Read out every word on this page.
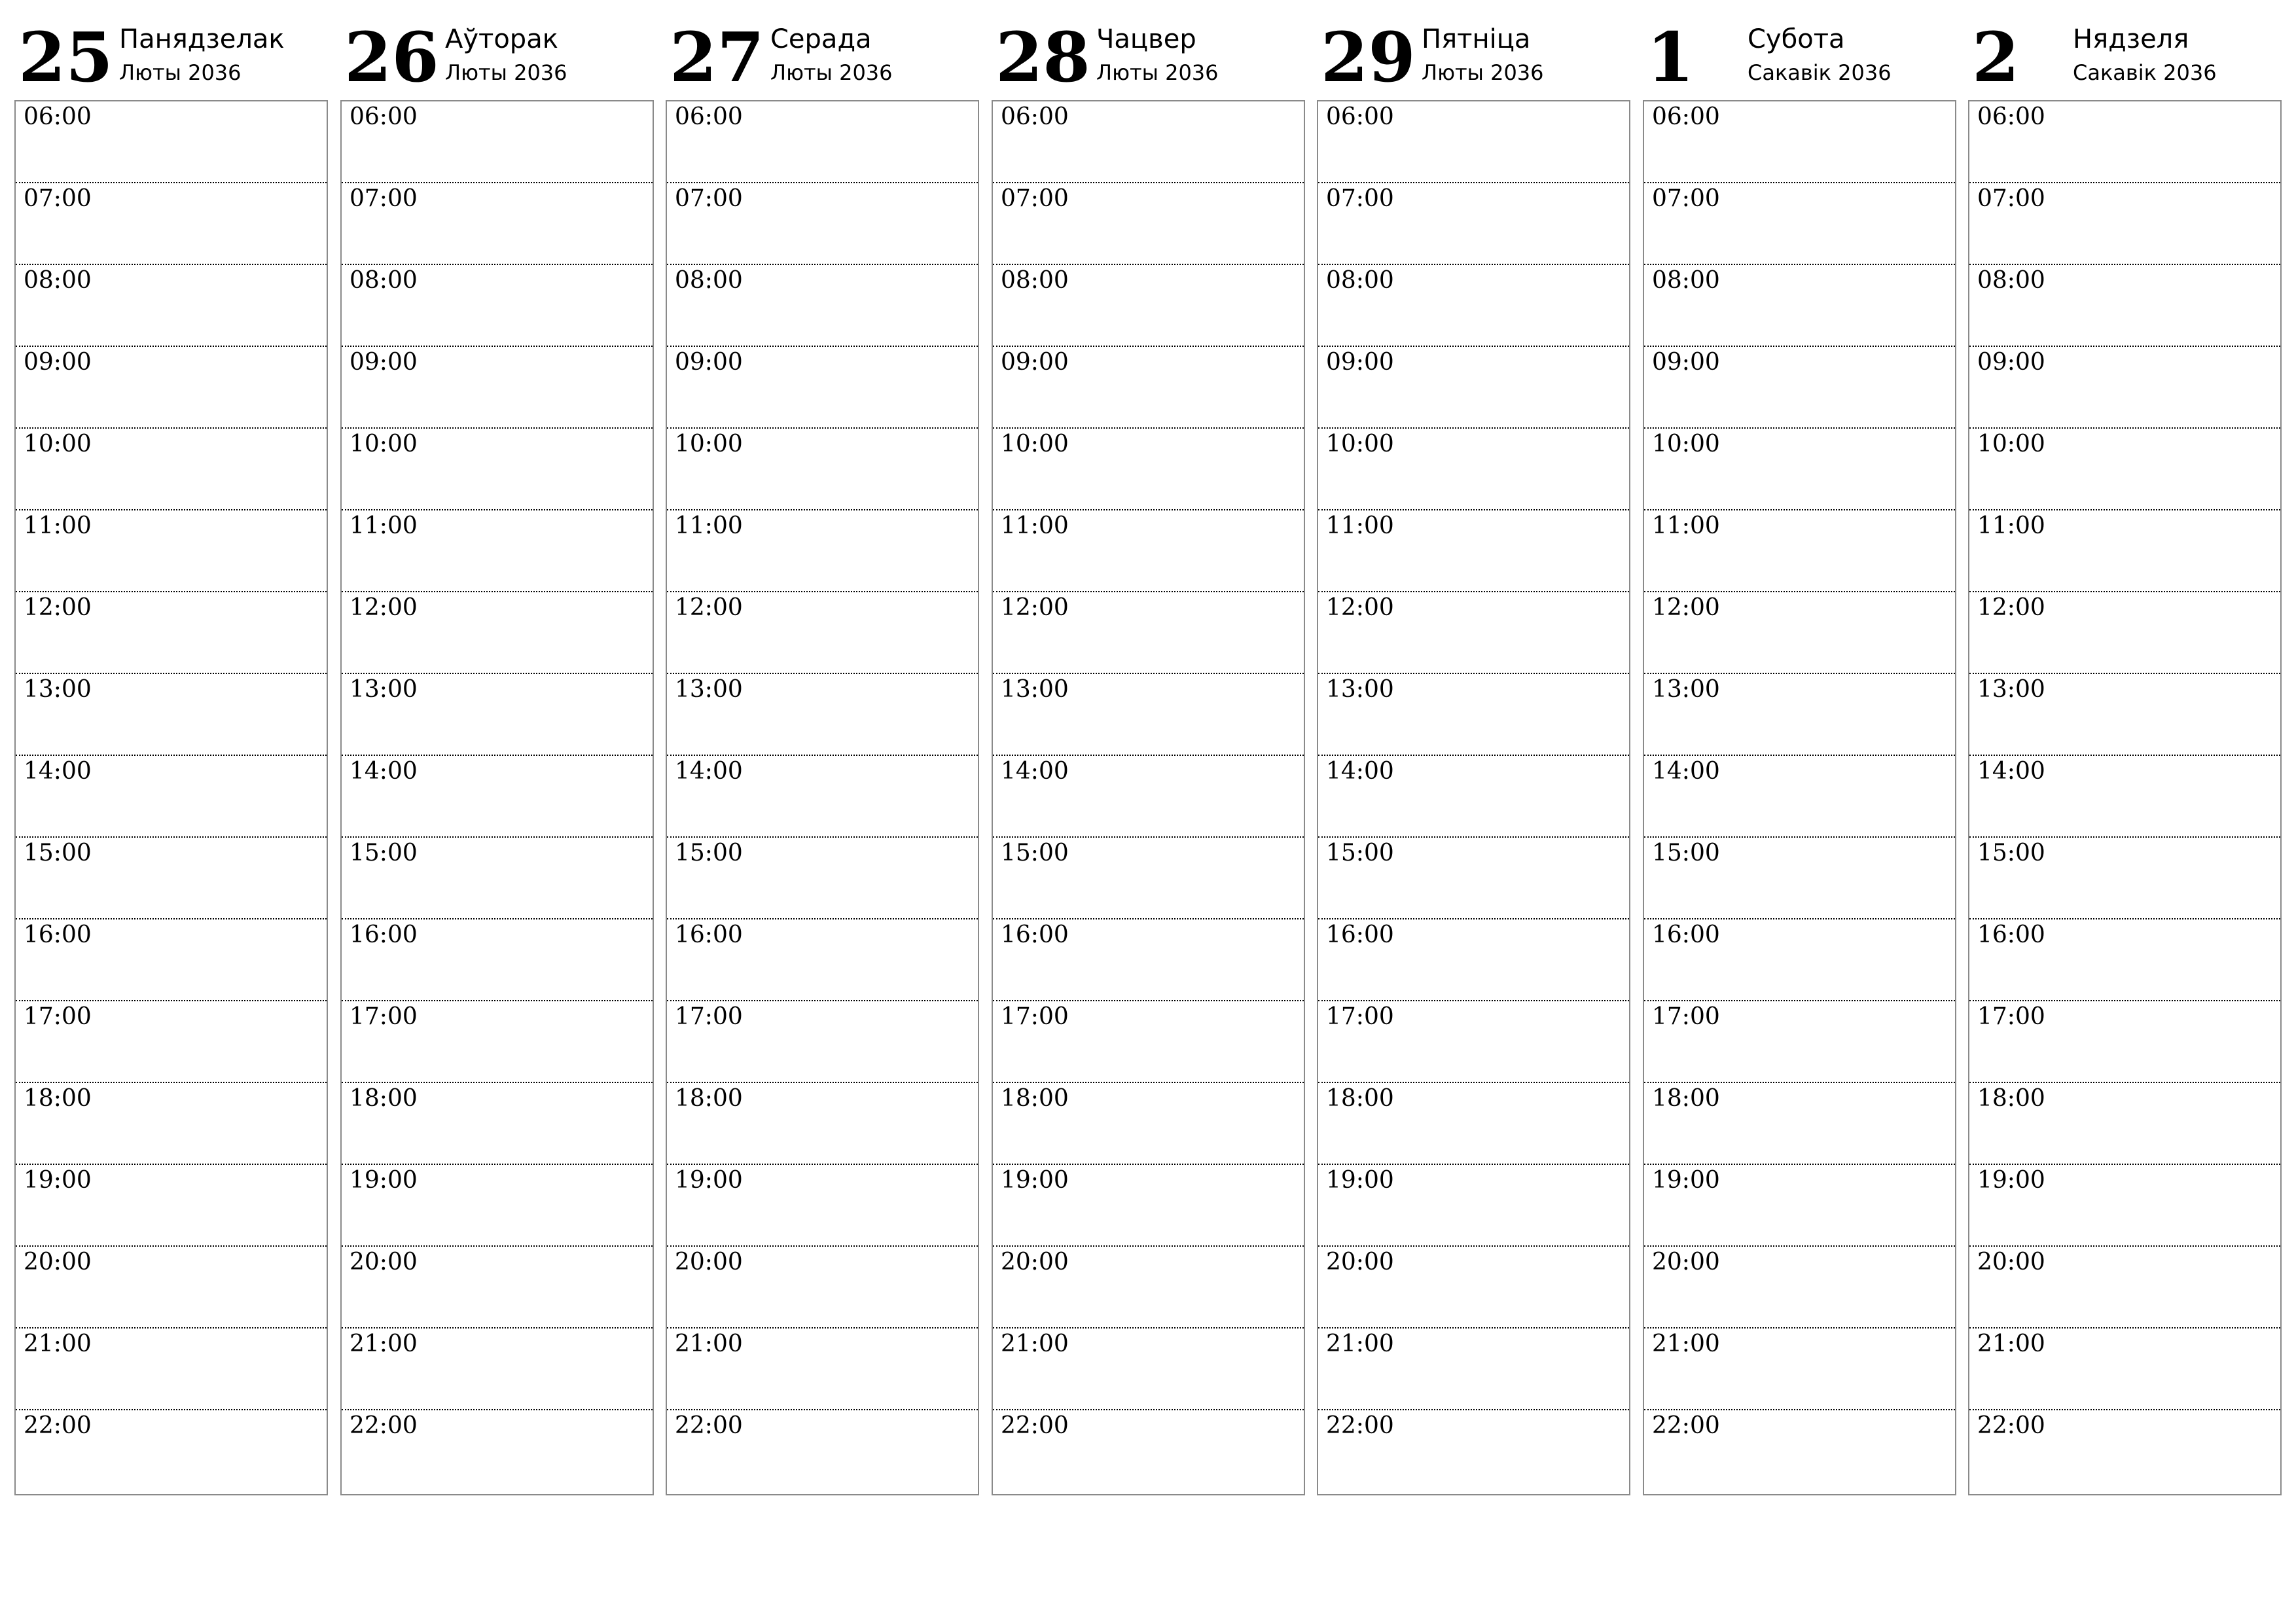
25 Панядзелак
Люты 2036
06:00
07:00
08:00
09:00
10:00
11:00
12:00
13:00
14:00
15:00
16:00
17:00
18:00
19:00
20:00
21:00
22:00
26 Аўторак
Люты 2036
06:00
07:00
08:00
09:00
10:00
11:00
12:00
13:00
14:00
15:00
16:00
17:00
18:00
19:00
20:00
21:00
22:00
27 Серада
Люты 2036
06:00
07:00
08:00
09:00
10:00
11:00
12:00
13:00
14:00
15:00
16:00
17:00
18:00
19:00
20:00
21:00
22:00
28 Чацвер
Люты 2036
06:00
07:00
08:00
09:00
10:00
11:00
12:00
13:00
14:00
15:00
16:00
17:00
18:00
19:00
20:00
21:00
22:00
29 Пятніца
Люты 2036
06:00
07:00
08:00
09:00
10:00
11:00
12:00
13:00
14:00
15:00
16:00
17:00
18:00
19:00
20:00
21:00
22:00
1 Субота
Сакавік 2036
06:00
07:00
08:00
09:00
10:00
11:00
12:00
13:00
14:00
15:00
16:00
17:00
18:00
19:00
20:00
21:00
22:00
2 Нядзеля
Сакавік 2036
06:00
07:00
08:00
09:00
10:00
11:00
12:00
13:00
14:00
15:00
16:00
17:00
18:00
19:00
20:00
21:00
22:00
